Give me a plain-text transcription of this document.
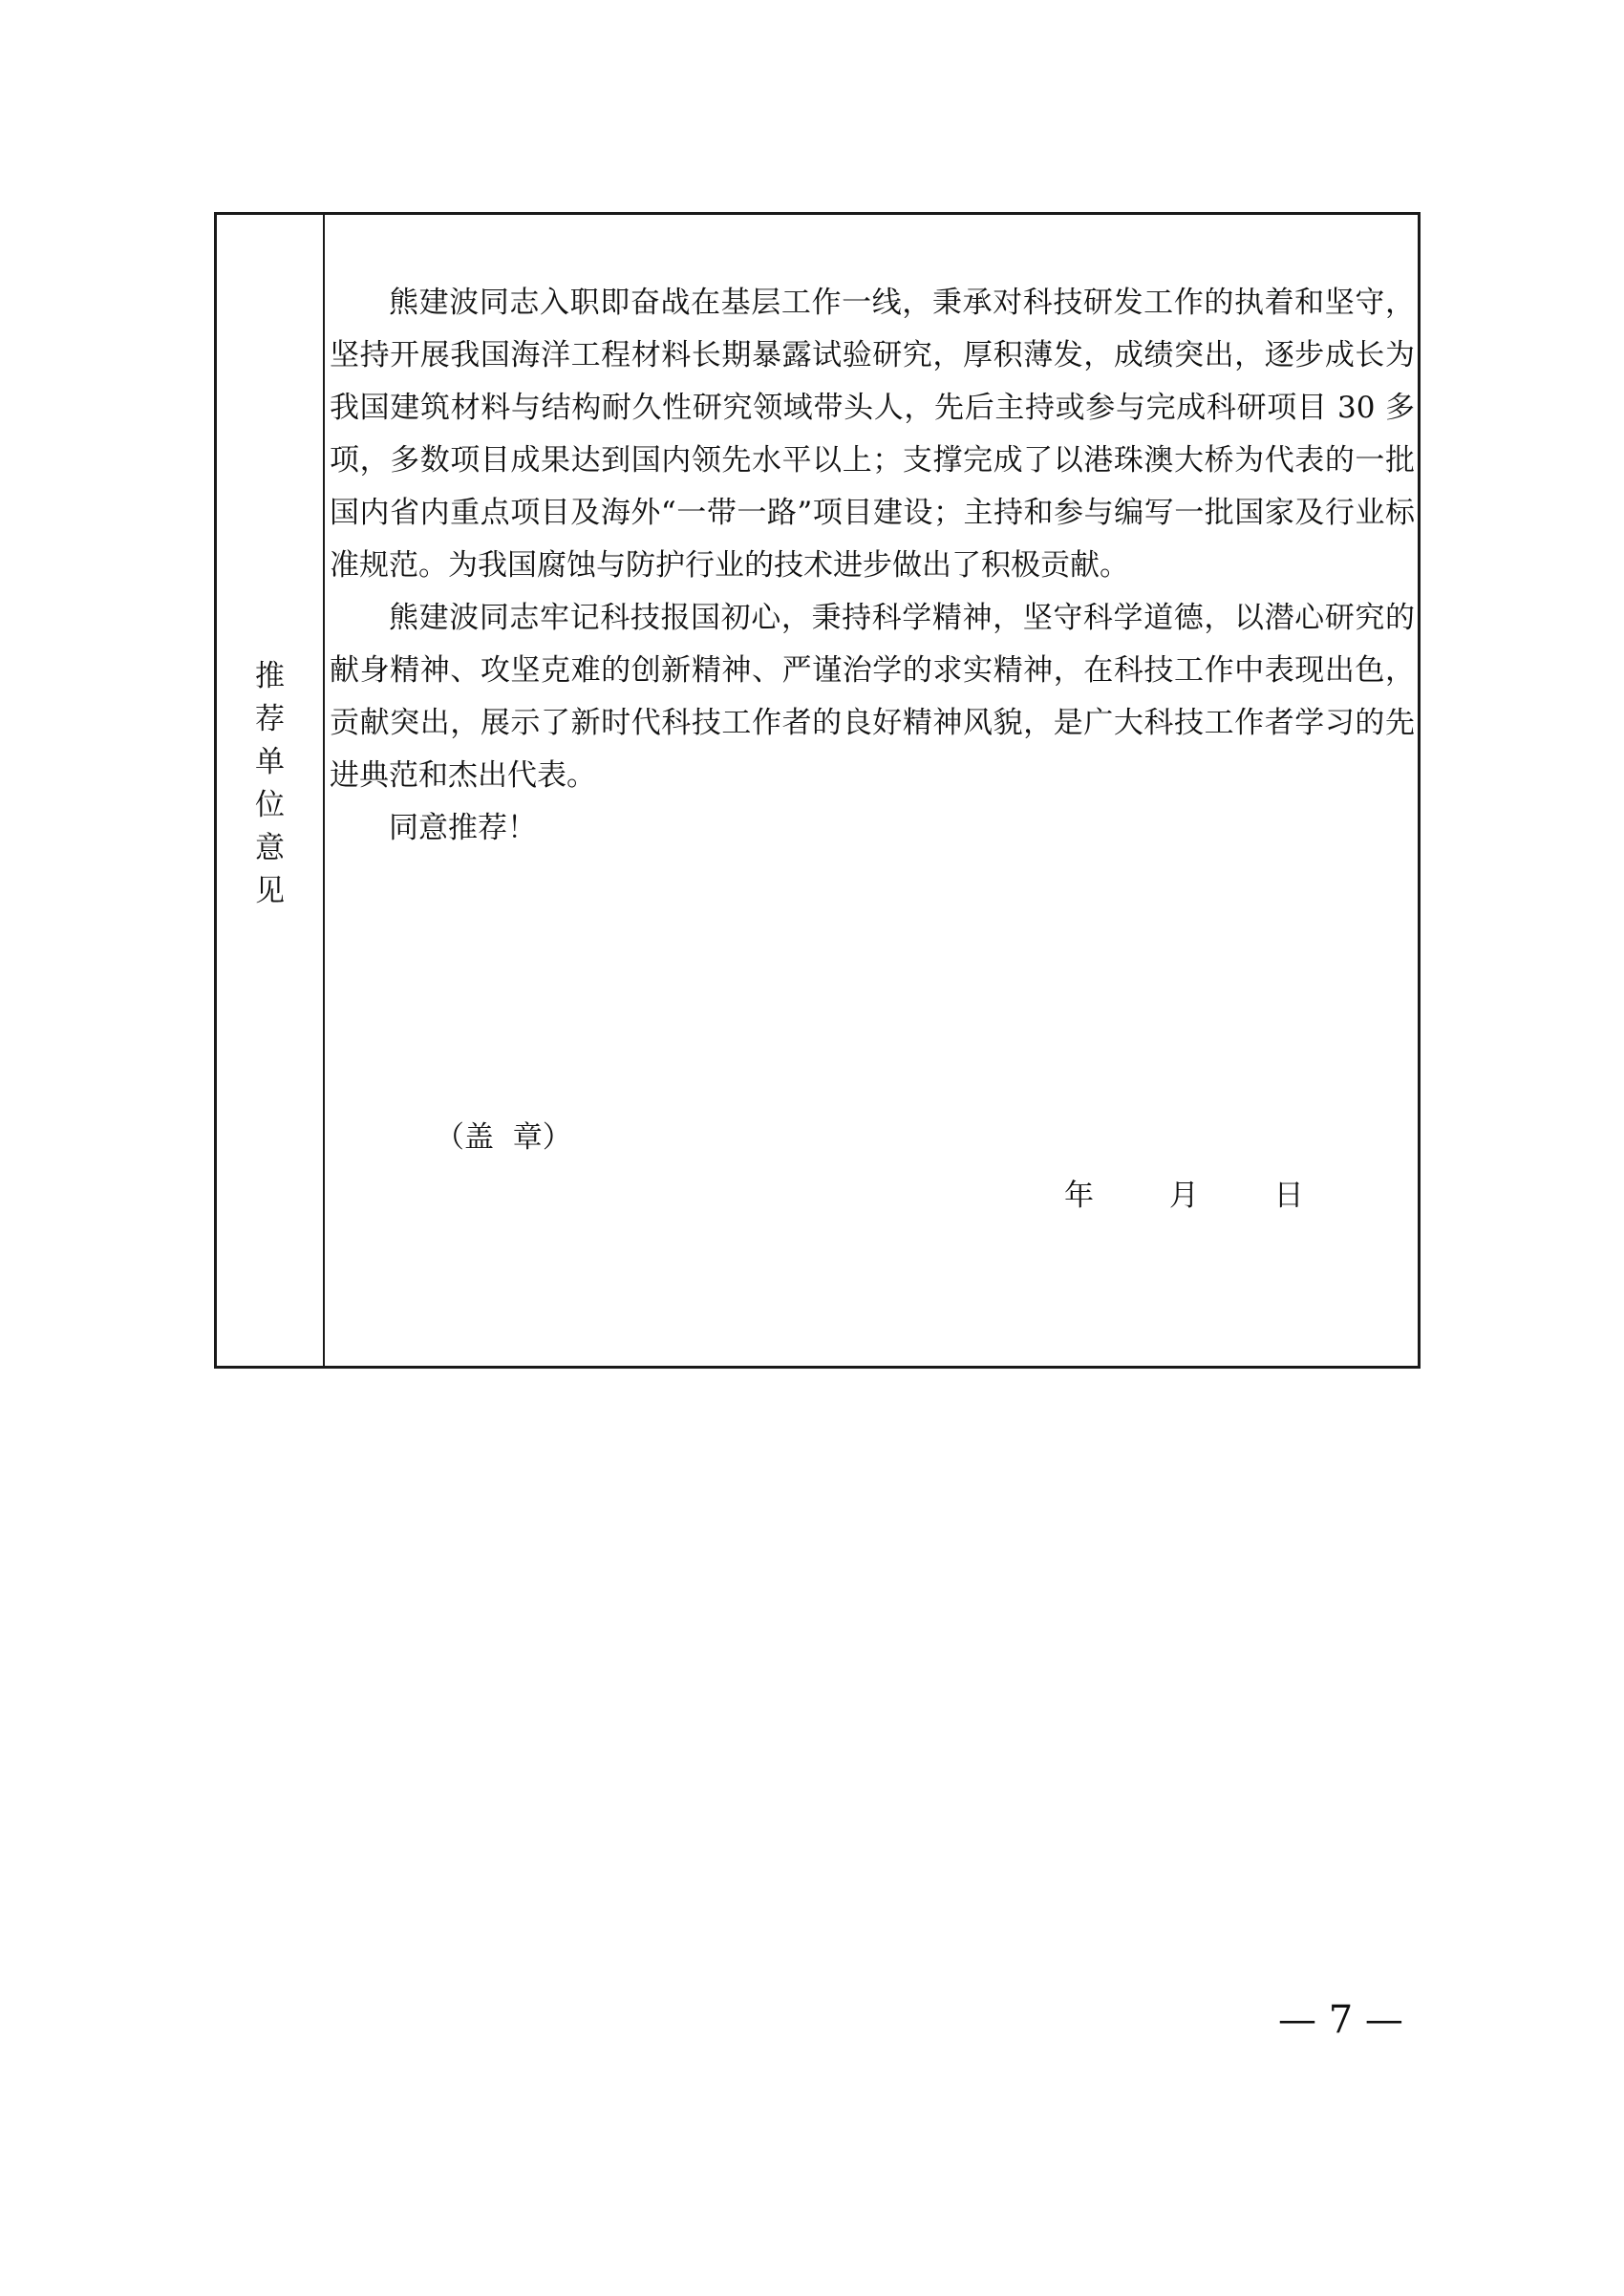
推
荐
单
位
意
见

熊建波同志入职即奋战在基层工作一线，秉承对科技研发工作的执着和坚守，坚持开展我国海洋工程材料长期暴露试验研究，厚积薄发，成绩突出，逐步成长为我国建筑材料与结构耐久性研究领域带头人，先后主持或参与完成科研项目 30 多项，多数项目成果达到国内领先水平以上；支撑完成了以港珠澳大桥为代表的一批国内省内重点项目及海外“一带一路”项目建设；主持和参与编写一批国家及行业标准规范。为我国腐蚀与防护行业的技术进步做出了积极贡献。

熊建波同志牢记科技报国初心，秉持科学精神，坚守科学道德，以潜心研究的献身精神、攻坚克难的创新精神、严谨治学的求实精神，在科技工作中表现出色，贡献突出，展示了新时代科技工作者的良好精神风貌，是广大科技工作者学习的先进典范和杰出代表。

同意推荐！

（盖  章）
年        月        日
— 7 —
